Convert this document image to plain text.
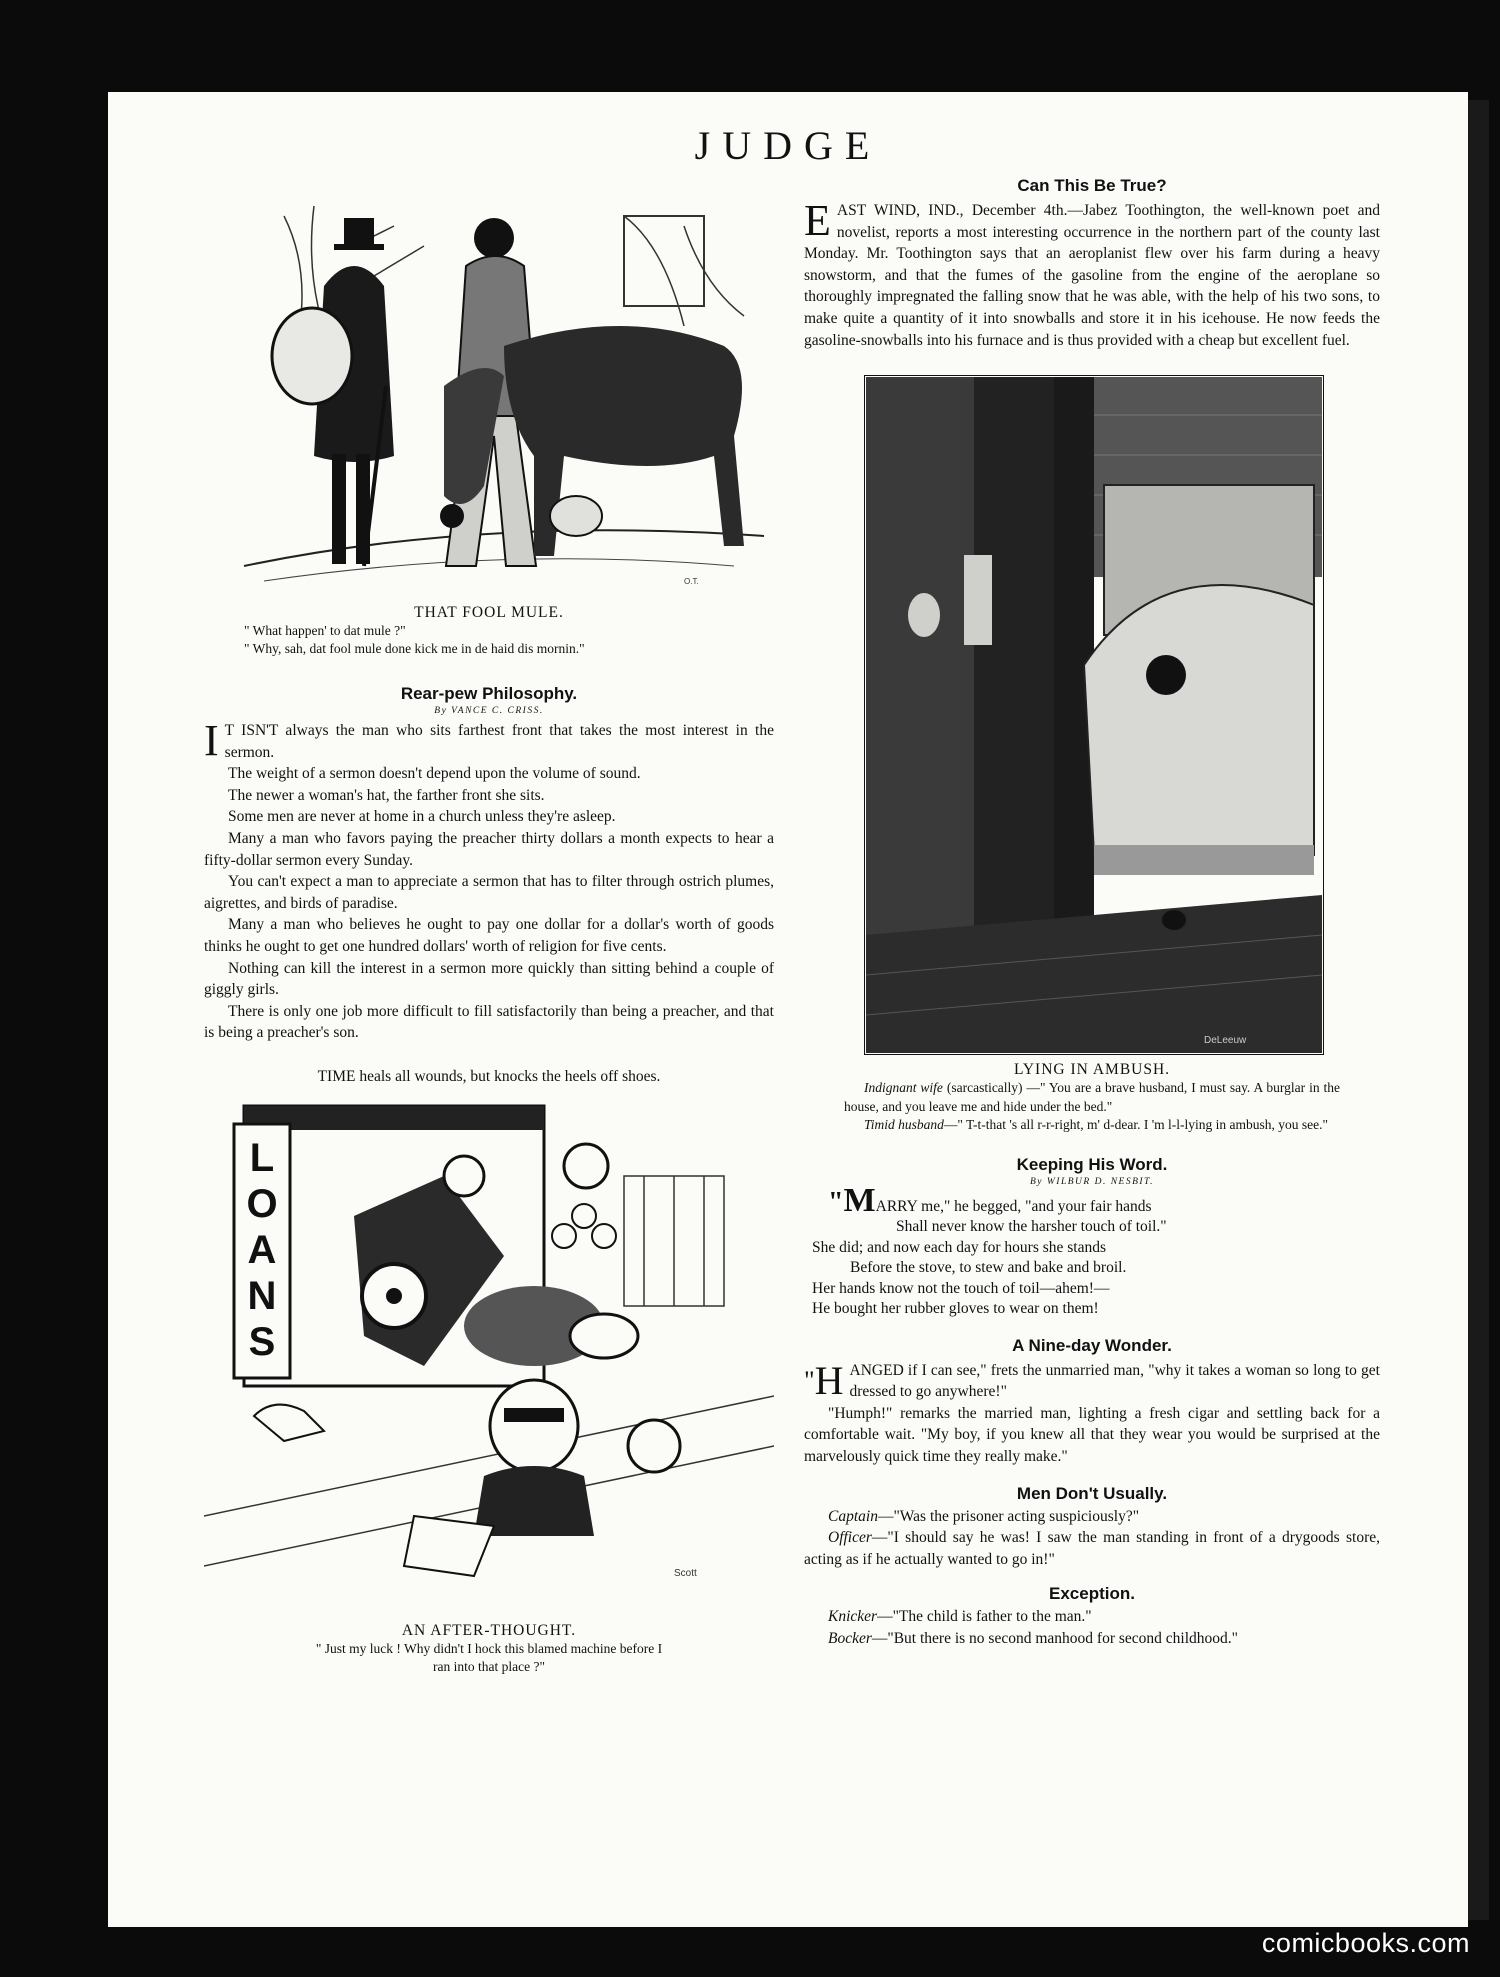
JUDGE
O.T.
THAT FOOL MULE.
" What happen' to dat mule ?"
" Why, sah, dat fool mule done kick me in de haid dis mornin."
Rear-pew Philosophy.
By VANCE C. CRISS.

I T ISN'T always the man who sits farthest front that takes the most interest in the sermon.

The weight of a sermon doesn't depend upon the volume of sound.

The newer a woman's hat, the farther front she sits.

Some men are never at home in a church unless they're asleep.

Many a man who favors paying the preacher thirty dollars a month expects to hear a fifty-dollar sermon every Sunday.

You can't expect a man to appreciate a sermon that has to filter through ostrich plumes, aigrettes, and birds of paradise.

Many a man who believes he ought to pay one dollar for a dollar's worth of goods thinks he ought to get one hundred dollars' worth of religion for five cents.

Nothing can kill the interest in a sermon more quickly than sitting behind a couple of giggly girls.

There is only one job more difficult to fill satisfactorily than being a preacher, and that is being a preacher's son.

TIME heals all wounds, but knocks the heels off shoes.
Scott
LOANS
AN AFTER-THOUGHT.
" Just my luck ! Why didn't I hock this blamed machine before I
ran into that place ?"
Can This Be True?

EAST WIND, IND., December 4th.—Jabez Toothington, the well-known poet and novelist, reports a most interesting occurrence in the northern part of the county last Monday. Mr. Toothington says that an aeroplanist flew over his farm during a heavy snowstorm, and that the fumes of the gasoline from the engine of the aeroplane so thoroughly impregnated the falling snow that he was able, with the help of his two sons, to make quite a quantity of it into snowballs and store it in his icehouse. He now feeds the gasoline-snowballs into his furnace and is thus provided with a cheap but excellent fuel.

DeLeeuw
LYING IN AMBUSH.

Indignant wife (sarcastically) —" You are a brave husband, I must say. A burglar in the house, and you leave me and hide under the bed."

Timid husband—" T-t-that 's all r-r-right, m' d-dear. I 'm l-l-lying in ambush, you see."

Keeping His Word.
By WILBUR D. NESBIT.
"MARRY me," he begged, "and your fair hands
Shall never know the harsher touch of toil."
She did; and now each day for hours she stands
Before the stove, to stew and bake and broil.
Her hands know not the touch of toil—ahem!—
He bought her rubber gloves to wear on them!
A Nine-day Wonder.

"H ANGED if I can see," frets the unmarried man, "why it takes a woman so long to get dressed to go anywhere!"

"Humph!" remarks the married man, lighting a fresh cigar and settling back for a comfortable wait. "My boy, if you knew all that they wear you would be surprised at the marvelously quick time they really make."

Men Don't Usually.

Captain—"Was the prisoner acting suspiciously?"

Officer—"I should say he was! I saw the man standing in front of a drygoods store, acting as if he actually wanted to go in!"

Exception.

Knicker—"The child is father to the man."

Bocker—"But there is no second manhood for second childhood."

comicbooks.com
